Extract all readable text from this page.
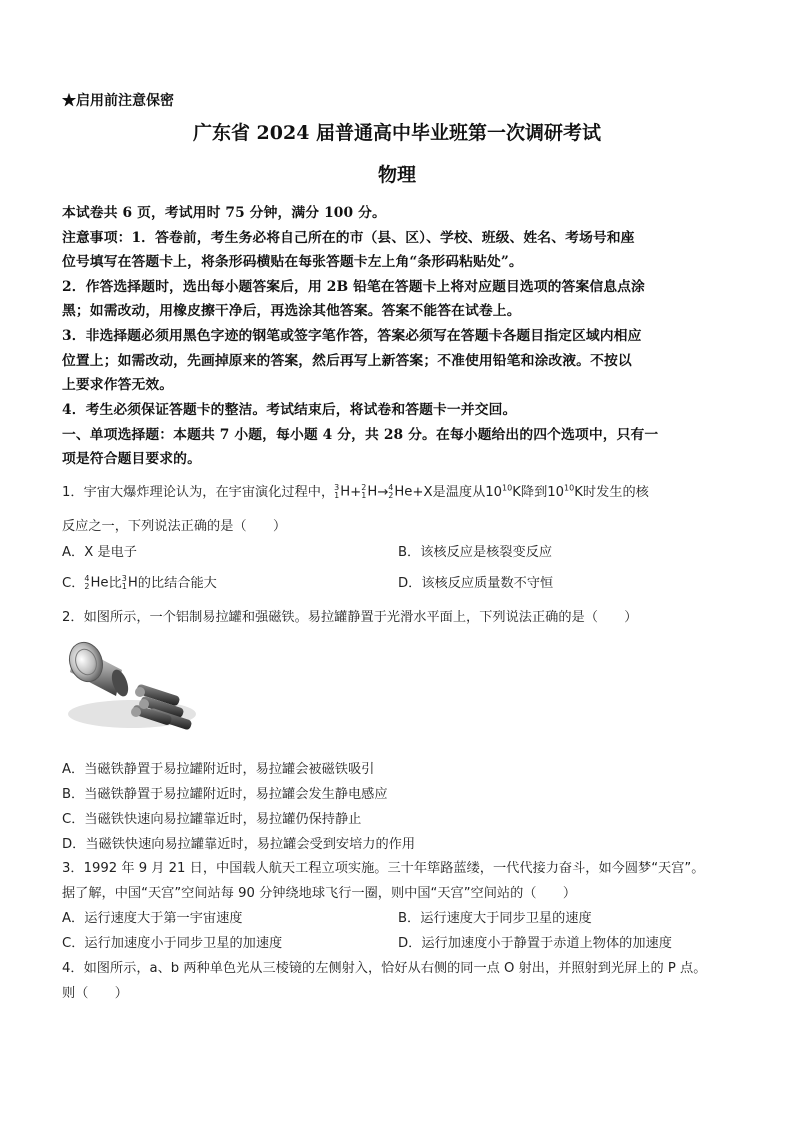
★启用前注意保密
广东省 2024 届普通高中毕业班第一次调研考试
物理
本试卷共 6 页，考试用时 75 分钟，满分 100 分。
注意事项：1．答卷前，考生务必将自己所在的市（县、区）、学校、班级、姓名、考场号和座
位号填写在答题卡上，将条形码横贴在每张答题卡左上角“条形码粘贴处”。
2．作答选择题时，选出每小题答案后，用 2B 铅笔在答题卡上将对应题目选项的答案信息点涂
黑；如需改动，用橡皮擦干净后，再选涂其他答案。答案不能答在试卷上。
3．非选择题必须用黑色字迹的钢笔或签字笔作答，答案必须写在答题卡各题目指定区域内相应
位置上；如需改动，先画掉原来的答案，然后再写上新答案；不准使用铅笔和涂改液。不按以
上要求作答无效。
4．考生必须保证答题卡的整洁。考试结束后，将试卷和答题卡一并交回。
一、单项选择题：本题共 7 小题，每小题 4 分，共 28 分。在每小题给出的四个选项中，只有一
项是符合题目要求的。
1．宇宙大爆炸理论认为，在宇宙演化过程中， 3
1 H+ 2
1 H→ 4
2 He+X是温度从$10^{10}K$降到$10^{10}K$时发生的核
反应之一，下列说法正确的是（　　）
A．X 是电子	B．该核反应是核裂变反应
C． 4
2 He比 3
1 H的比结合能大	D．该核反应质量数不守恒
2．如图所示，一个铝制易拉罐和强磁铁。易拉罐静置于光滑水平面上，下列说法正确的是（　　）
A．当磁铁静置于易拉罐附近时，易拉罐会被磁铁吸引
B．当磁铁静置于易拉罐附近时，易拉罐会发生静电感应
C．当磁铁快速向易拉罐靠近时，易拉罐仍保持静止
D．当磁铁快速向易拉罐靠近时，易拉罐会受到安培力的作用
3．1992 年 9 月 21 日，中国载人航天工程立项实施。三十年筚路蓝缕，一代代接力奋斗，如今圆梦“天宫”。
据了解，中国“天宫”空间站每 90 分钟绕地球飞行一圈，则中国“天宫”空间站的（　　）
A．运行速度大于第一宇宙速度	B．运行速度大于同步卫星的速度
C．运行加速度小于同步卫星的加速度	D．运行加速度小于静置于赤道上物体的加速度
4．如图所示，a、b 两种单色光从三棱镜的左侧射入，恰好从右侧的同一点 O 射出，并照射到光屏上的 P 点。
则（　　）
